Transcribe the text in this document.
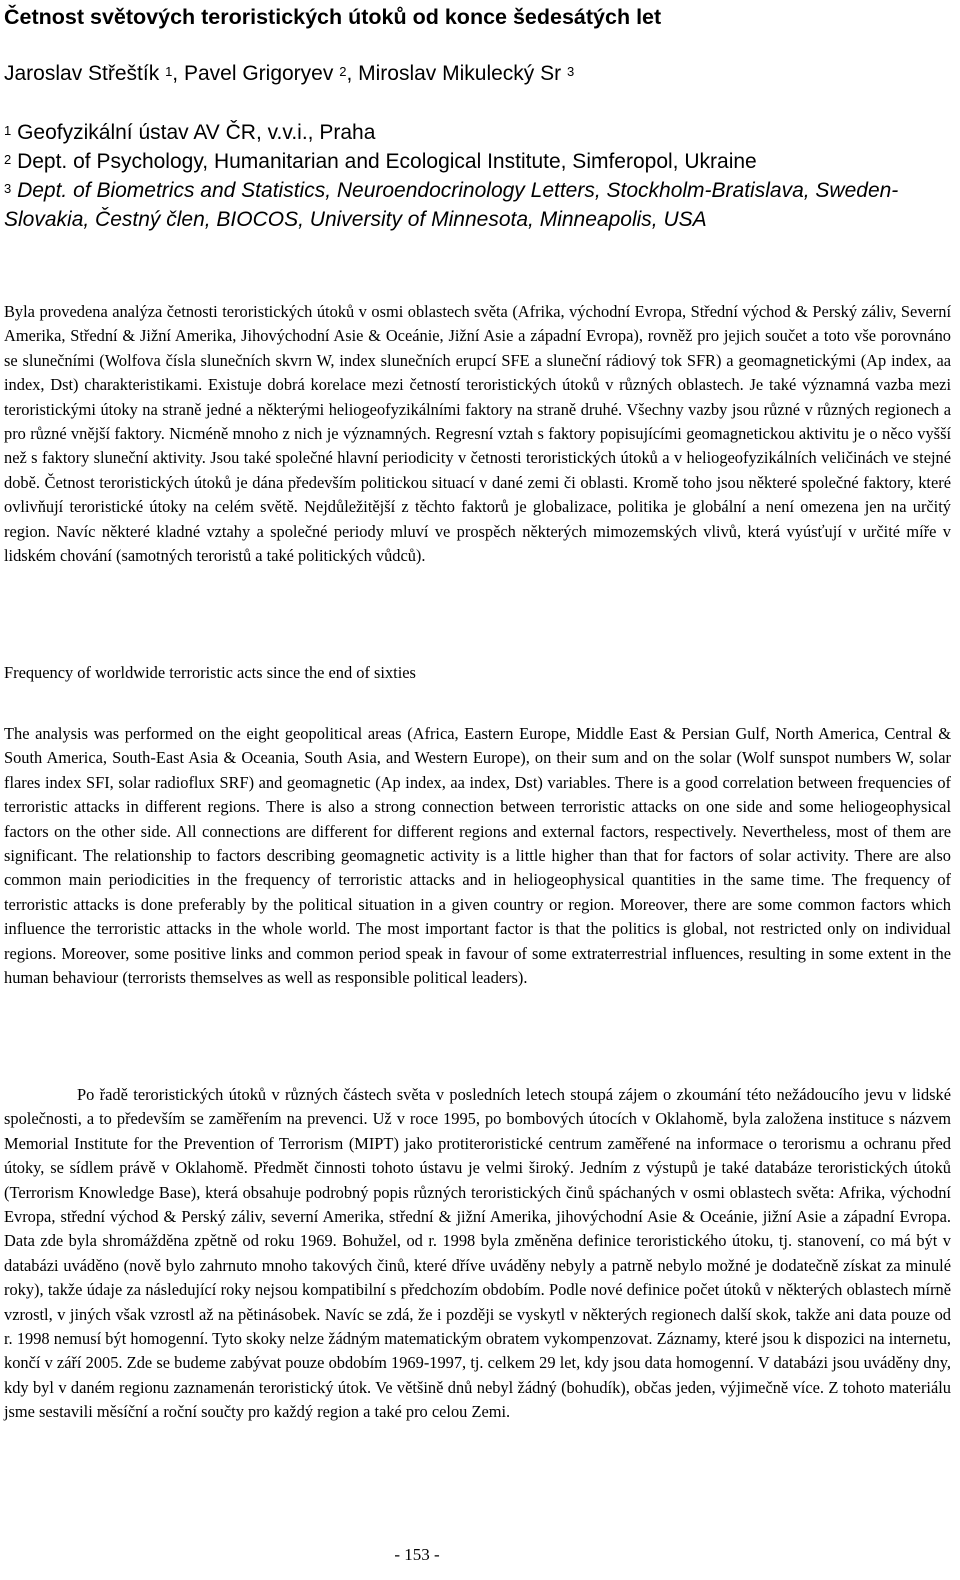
Četnost světových teroristických útoků od konce šedesátých let
Jaroslav Střeštík $^1$, Pavel Grigoryev $^2$, Miroslav Mikulecký Sr $^3$
$^1$ Geofyzikální ústav AV ČR, v.v.i., Praha
$^2$ Dept. of Psychology, Humanitarian and Ecological Institute, Simferopol, Ukraine
$^3$ Dept. of Biometrics and Statistics, Neuroendocrinology Letters, Stockholm-Bratislava, Sweden-Slovakia, Čestný člen, BIOCOS, University of Minnesota, Minneapolis, USA

Byla provedena analýza četnosti teroristických útoků v osmi oblastech světa (Afrika, východní Evropa, Střední východ & Perský záliv, Severní Amerika, Střední & Jižní Amerika, Jihovýchodní Asie & Oceánie, Jižní Asie a západní Evropa), rovněž pro jejich součet a toto vše porovnáno se slunečními (Wolfova čísla slunečních skvrn W, index slunečních erupcí SFE a sluneční rádiový tok SFR) a geomagnetickými (Ap index, aa index, Dst) charakteristikami. Existuje dobrá korelace mezi četností teroristických útoků v různých oblastech. Je také významná vazba mezi teroristickými útoky na straně jedné a některými heliogeofyzikálními faktory na straně druhé. Všechny vazby jsou různé v různých regionech a pro různé vnější faktory. Nicméně mnoho z nich je významných. Regresní vztah s faktory popisujícími geomagnetickou aktivitu je o něco vyšší než s faktory sluneční aktivity. Jsou také společné hlavní periodicity v četnosti teroristických útoků a v heliogeofyzikálních veličinách ve stejné době. Četnost teroristických útoků je dána především politickou situací v dané zemi či oblasti. Kromě toho jsou některé společné faktory, které ovlivňují teroristické útoky na celém světě. Nejdůležitější z těchto faktorů je globalizace, politika je globální a není omezena jen na určitý region. Navíc některé kladné vztahy a společné periody mluví ve prospěch některých mimozemských vlivů, která vyúsťují v určité míře v lidském chování (samotných teroristů a také politických vůdců).

Frequency of worldwide terroristic acts since the end of sixties

The analysis was performed on the eight geopolitical areas (Africa, Eastern Europe, Middle East & Persian Gulf, North America, Central & South America, South-East Asia & Oceania, South Asia, and Western Europe), on their sum and on the solar (Wolf sunspot numbers W, solar flares index SFI, solar radioflux SRF) and geomagnetic (Ap index, aa index, Dst) variables. There is a good correlation between frequencies of terroristic attacks in different regions. There is also a strong connection between terroristic attacks on one side and some heliogeophysical factors on the other side. All connections are different for different regions and external factors, respectively. Nevertheless, most of them are significant. The relationship to factors describing geomagnetic activity is a little higher than that for factors of solar activity. There are also common main periodicities in the frequency of terroristic attacks and in heliogeophysical quantities in the same time. The frequency of terroristic attacks is done preferably by the political situation in a given country or region. Moreover, there are some common factors which influence the terroristic attacks in the whole world. The most important factor is that the politics is global, not restricted only on individual regions. Moreover, some positive links and common period speak in favour of some extraterrestrial influences, resulting in some extent in the human behaviour (terrorists themselves as well as responsible political leaders).

Po řadě teroristických útoků v různých částech světa v posledních letech stoupá zájem o zkoumání této nežádoucího jevu v lidské společnosti, a to především se zaměřením na prevenci. Už v roce 1995, po bombových útocích v Oklahomě, byla založena instituce s názvem Memorial Institute for the Prevention of Terrorism (MIPT) jako protiteroristické centrum zaměřené na informace o terorismu a ochranu před útoky, se sídlem právě v Oklahomě. Předmět činnosti tohoto ústavu je velmi široký. Jedním z výstupů je také databáze teroristických útoků (Terrorism Knowledge Base), která obsahuje podrobný popis různých teroristických činů spáchaných v osmi oblastech světa: Afrika, východní Evropa, střední východ & Perský záliv, severní Amerika, střední & jižní Amerika, jihovýchodní Asie & Oceánie, jižní Asie a západní Evropa. Data zde byla shromážděna zpětně od roku 1969. Bohužel, od r. 1998 byla změněna definice teroristického útoku, tj. stanovení, co má být v databázi uváděno (nově bylo zahrnuto mnoho takových činů, které dříve uváděny nebyly a patrně nebylo možné je dodatečně získat za minulé roky), takže údaje za následující roky nejsou kompatibilní s předchozím obdobím. Podle nové definice počet útoků v některých oblastech mírně vzrostl, v jiných však vzrostl až na pětinásobek. Navíc se zdá, že i později se vyskytl v některých regionech další skok, takže ani data pouze od r. 1998 nemusí být homogenní. Tyto skoky nelze žádným matematickým obratem vykompenzovat. Záznamy, které jsou k dispozici na internetu, končí v září 2005. Zde se budeme zabývat pouze obdobím 1969-1997, tj. celkem 29 let, kdy jsou data homogenní. V databázi jsou uváděny dny, kdy byl v daném regionu zaznamenán teroristický útok. Ve většině dnů nebyl žádný (bohudík), občas jeden, výjimečně více. Z tohoto materiálu jsme sestavili měsíční a roční součty pro každý region a také pro celou Zemi.

- 153 -
